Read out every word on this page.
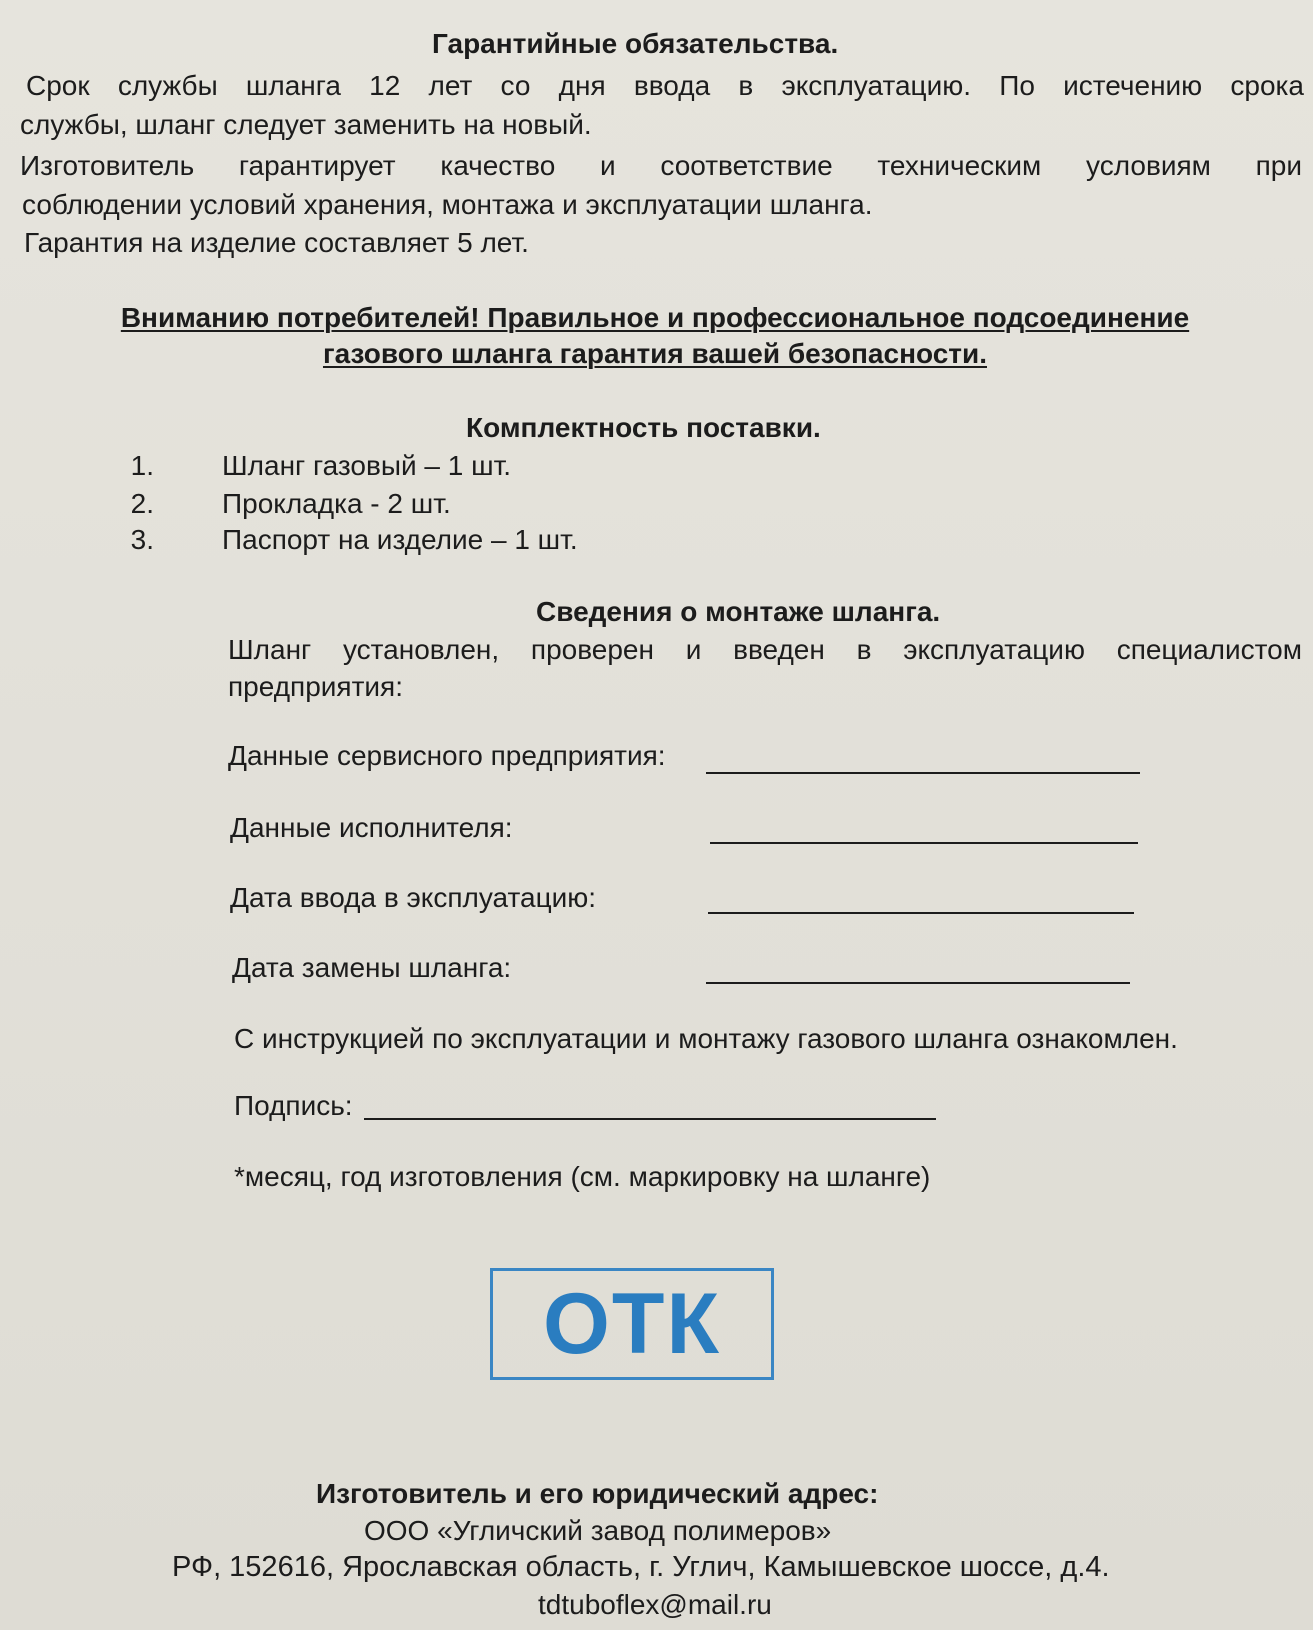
Гарантийные обязательства.
Срок службы шланга 12 лет со дня ввода в эксплуатацию. По истечению срока
службы, шланг следует заменить на новый.
Изготовитель гарантирует качество и соответствие техническим условиям при
соблюдении условий хранения, монтажа и эксплуатации шланга.
Гарантия на изделие составляет 5 лет.
Вниманию потребителей! Правильное и профессиональное подсоединение
газового шланга гарантия вашей безопасности.
Комплектность поставки.
1. Шланг газовый – 1 шт.
2. Прокладка - 2 шт.
3. Паспорт на изделие – 1 шт.
Сведения о монтаже шланга.
Шланг установлен, проверен и введен в эксплуатацию специалистом
предприятия:
Данные сервисного предприятия:
Данные исполнителя:
Дата ввода в эксплуатацию:
Дата замены шланга:
С инструкцией по эксплуатации и монтажу газового шланга ознакомлен.
Подпись:
*месяц, год изготовления (см. маркировку на шланге)
ОТК
Изготовитель и его юридический адрес:
ООО «Угличский завод полимеров»
РФ, 152616, Ярославская область, г. Углич, Камышевское шоссе, д.4.
tdtuboflex@mail.ru
